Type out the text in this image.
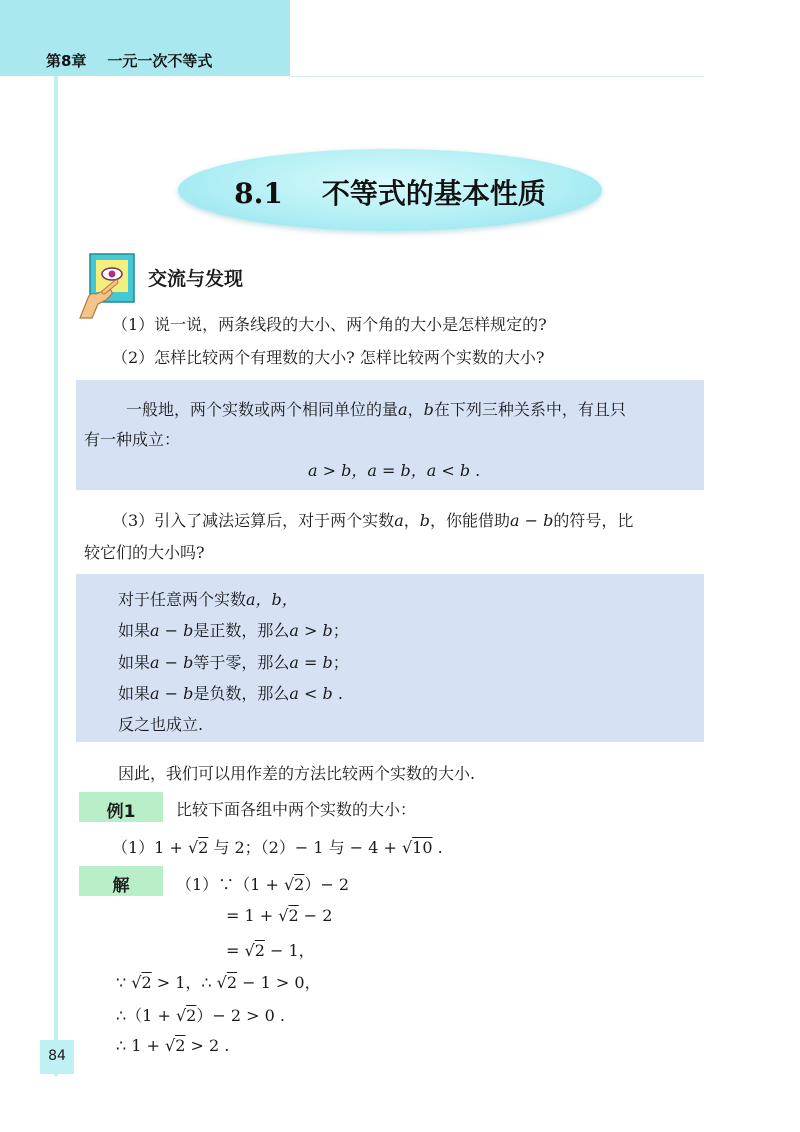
第8章    一元一次不等式
8.1    不等式的基本性质
交流与发现
（1）说一说，两条线段的大小、两个角的大小是怎样规定的?
（2）怎样比较两个有理数的大小? 怎样比较两个实数的大小?
一般地，两个实数或两个相同单位的量a，b在下列三种关系中，有且只
有一种成立：
a > b，a = b，a < b .
（3）引入了减法运算后，对于两个实数a，b，你能借助a − b的符号，比
较它们的大小吗?
对于任意两个实数a，b，
如果a − b是正数，那么a > b；
如果a − b等于零，那么a = b；
如果a − b是负数，那么a < b .
反之也成立.
因此，我们可以用作差的方法比较两个实数的大小.
例1	比较下面各组中两个实数的大小：
（1）1 + √2 与 2；（2）− 1 与 − 4 + √10 .
解	（1）∵（1 + √2）− 2
= 1 + √2 − 2
= √2 − 1，
∵ √2 > 1，∴ √2 − 1 > 0，
∴（1 + √2）− 2 > 0 .
∴ 1 + √2 > 2 .
84
